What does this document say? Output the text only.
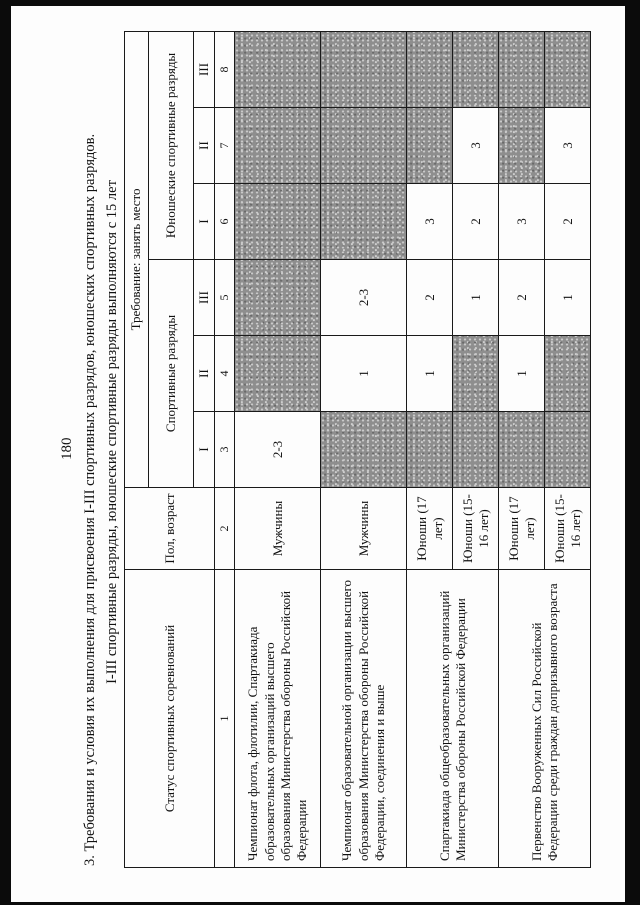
180 3. Требования и условия их выполнения для присвоения I-III спортивных разрядов, юношеских спортивных разрядов. I-III спортивные разряды, юношеские спортивные разряды выполняются с 15 лет
Статус спортивных соревнований	Пол, возраст	Требование: занять место					
		Спортивные разряды			Юношеские спортивные разряды		
		I	II	III	I	II	III
1	2	3	4	5	6	7	8
Чемпионат флота, флотилии, Спартакиада образовательных организаций высшего образования Министерства обороны Российской Федерации	Мужчины	2-3					
Чемпионат образовательной организации высшего образования Министерства обороны Российской Федерации, соединения и выше	Мужчины		1	2-3			
Спартакиада общеобразовательных организаций Министерства обороны Российской Федерации	Юноши (17 лет)		1	2	3		
	Юноши (15-16 лет)			1	2	3	
Первенство Вооруженных Сил Российской Федерации среди граждан допризывного возраста	Юноши (17 лет)		1	2	3		
	Юноши (15-16 лет)			1	2	3	
